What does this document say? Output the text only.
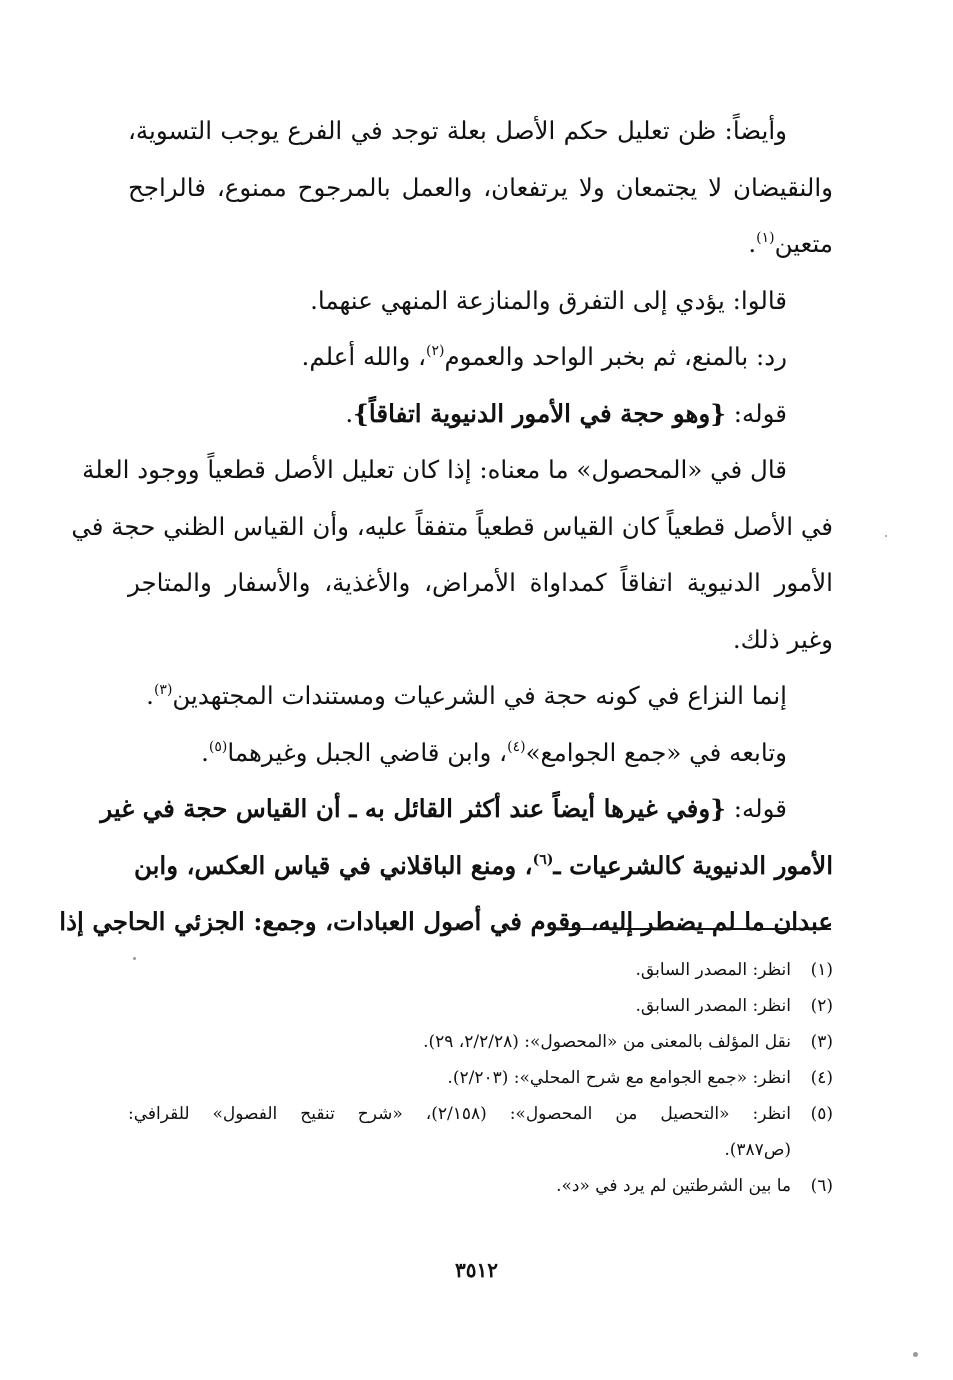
وأيضاً: ظن تعليل حكم الأصل بعلة توجد في الفرع يوجب التسوية،
والنقيضان لا يجتمعان ولا يرتفعان، والعمل بالمرجوح ممنوع، فالراجح
متعين$^{(١)}$.
قالوا: يؤدي إلى التفرق والمنازعة المنهي عنهما.
رد: بالمنع، ثم بخبر الواحد والعموم$^{(٢)}$، والله أعلم.
قوله: {وهو حجة في الأمور الدنيوية اتفاقاً}.
قال في «المحصول» ما معناه: إذا كان تعليل الأصل قطعياً ووجود العلة
في الأصل قطعياً كان القياس قطعياً متفقاً عليه، وأن القياس الظني حجة في
الأمور الدنيوية اتفاقاً كمداواة الأمراض، والأغذية، والأسفار والمتاجر
وغير ذلك.
إنما النزاع في كونه حجة في الشرعيات ومستندات المجتهدين$^{(٣)}$.
وتابعه في «جمع الجوامع»$^{(٤)}$، وابن قاضي الجبل وغيرهما$^{(٥)}$.
قوله: {وفي غيرها أيضاً عند أكثر القائل به ـ أن القياس حجة في غير
الأمور الدنيوية كالشرعيات ـ$^{(٦)}$، ومنع الباقلاني في قياس العكس، وابن
عبدان ما لم يضطر إليه، وقوم في أصول العبادات، وجمع: الجزئي الحاجي إذا
(١)
انظر: المصدر السابق.
(٢)
انظر: المصدر السابق.
(٣)
نقل المؤلف بالمعنى من «المحصول»: (٢/٢/٢٨، ٢٩).
(٤)
انظر: «جمع الجوامع مع شرح المحلي»: (٢/٢٠٣).
(٥)
انظر: «التحصيل من المحصول»: (٢/١٥٨)، «شرح تنقيح الفصول» للقرافي:
(ص٣٨٧).
(٦)
ما بين الشرطتين لم يرد في «د».
٣٥١٢
